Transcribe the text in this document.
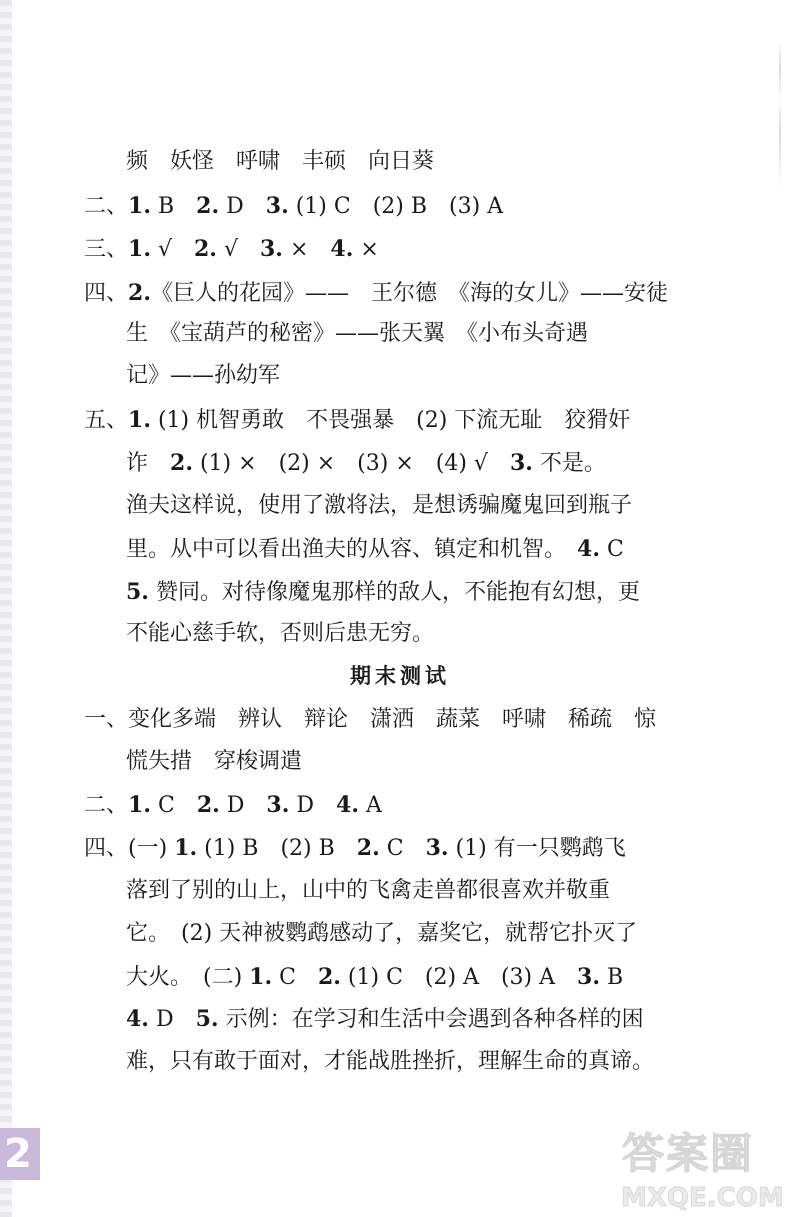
频　妖怪　呼啸　丰硕　向日葵
二、1. B　2. D　3. (1) C　(2) B　(3) A
三、1. √　2. √　3. ×　4. ×
四、2.《巨人的花园》——　王尔德　《海的女儿》——安徒
生　《宝葫芦的秘密》——张天翼　《小布头奇遇
记》——孙幼军
五、1. (1) 机智勇敢　不畏强暴　(2) 下流无耻　狡猾奸
诈　2. (1) ×　(2) ×　(3) ×　(4) √　3. 不是。
渔夫这样说，使用了激将法，是想诱骗魔鬼回到瓶子
里。从中可以看出渔夫的从容、镇定和机智。　4. C
5. 赞同。对待像魔鬼那样的敌人，不能抱有幻想，更
不能心慈手软，否则后患无穷。
期末测试
一、变化多端　辨认　辩论　潇洒　蔬菜　呼啸　稀疏　惊
慌失措　穿梭调遣
二、1. C　2. D　3. D　4. A
四、(一) 1. (1) B　(2) B　2. C　3. (1) 有一只鹦鹉飞
落到了别的山上，山中的飞禽走兽都很喜欢并敬重
它。　(2) 天神被鹦鹉感动了，嘉奖它，就帮它扑灭了
大火。　(二) 1. C　2. (1) C　(2) A　(3) A　3. B
4. D　5. 示例：在学习和生活中会遇到各种各样的困
难，只有敢于面对，才能战胜挫折，理解生命的真谛。
2	答案圈
MXQE.COM
